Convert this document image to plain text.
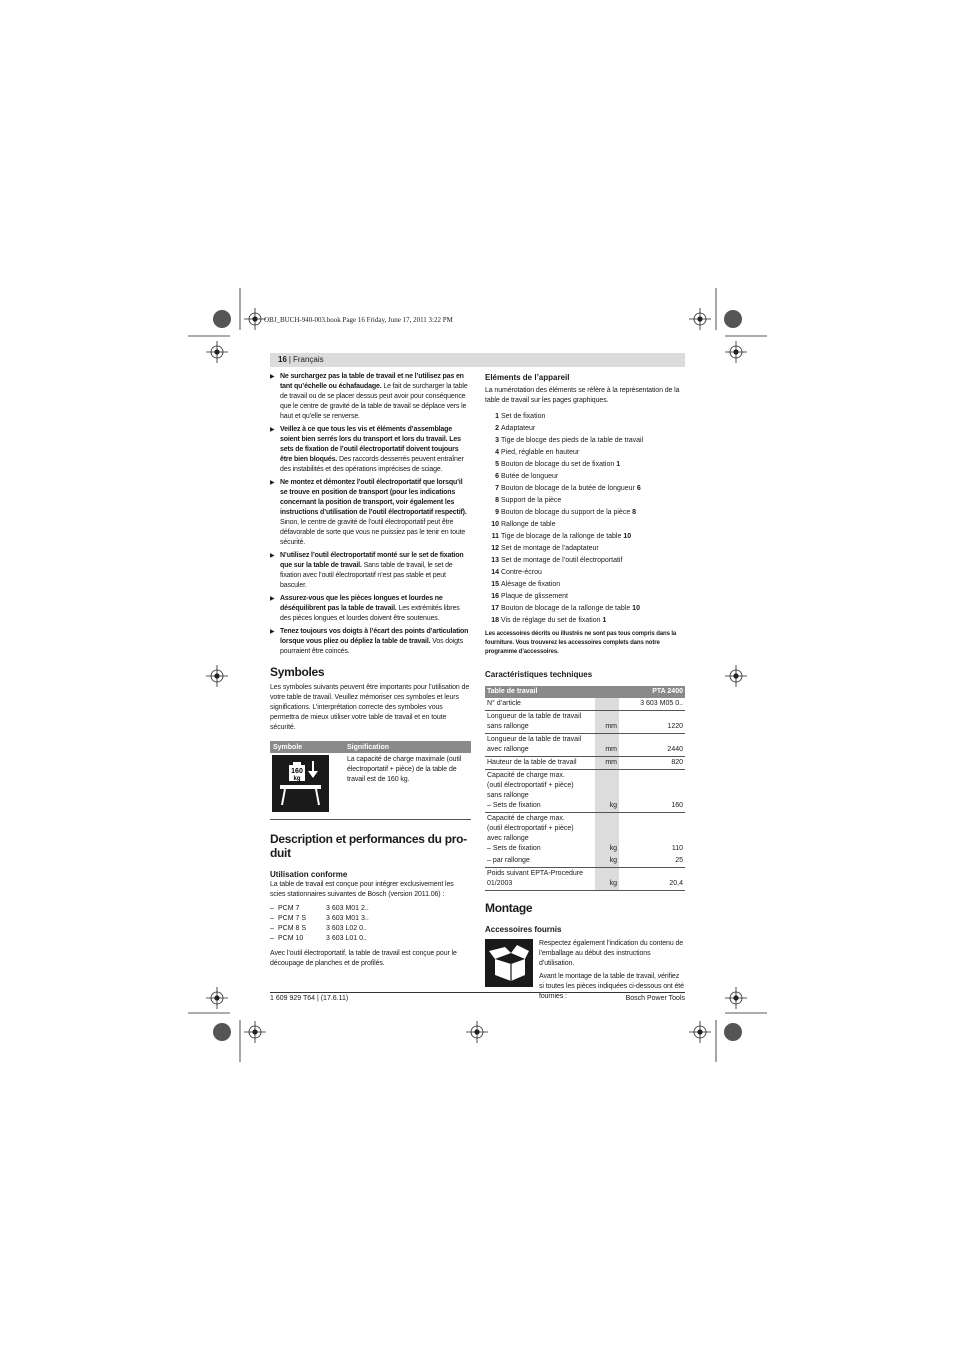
OBJ_BUCH-940-003.book Page 16 Friday, June 17, 2011 3:22 PM
16 | Français
▶ Ne surchargez pas la table de travail et ne l’utilisez pas en tant qu’échelle ou échafaudage. Le fait de surcharger la table de travail ou de se placer dessus peut avoir pour conséquence que le centre de gravité de la table de travail se déplace vers le haut et qu’elle se renverse.
▶ Veillez à ce que tous les vis et éléments d’assemblage soient bien serrés lors du transport et lors du travail. Les sets de fixation de l’outil électroportatif doivent toujours être bien bloqués. Des raccords desserrés peuvent entraîner des instabilités et des opérations imprécises de sciage.
▶ Ne montez et démontez l’outil électroportatif que lorsqu’il se trouve en position de transport (pour les indications concernant la position de transport, voir également les instructions d’utilisation de l’outil électroportatif respectif). Sinon, le centre de gravité de l’outil électroportatif peut être défavorable de sorte que vous ne puissiez pas le tenir en toute sécurité.
▶ N’utilisez l’outil électroportatif monté sur le set de fixation que sur la table de travail. Sans table de travail, le set de fixation avec l’outil électroportatif n’est pas stable et peut basculer.
▶ Assurez-vous que les pièces longues et lourdes ne déséquilibrent pas la table de travail. Les extrémités libres des pièces longues et lourdes doivent être soutenues.
▶ Tenez toujours vos doigts à l’écart des points d’articulation lorsque vous pliez ou dépliez la table de travail. Vos doigts pourraient être coincés.
Symboles
Les symboles suivants peuvent être importants pour l’utilisation de votre table de travail. Veuillez mémoriser ces symboles et leurs significations. L’interprétation correcte des symboles vous permettra de mieux utiliser votre table de travail et en toute sécurité.
Symbole	Signification

160
kg	La capacité de charge maximale (outil électroportatif + pièce) de la table de travail est de 160 kg.
Description et performances du pro-
duit
Utilisation conforme
La table de travail est conçue pour intégrer exclusivement les scies stationnaires suivantes de Bosch (version 2011.06) :
– PCM 7	3 603 M01 2..
– PCM 7 S	3 603 M01 3..
– PCM 8 S	3 603 L02 0..
– PCM 10	3 603 L01 0..
Avec l’outil électroportatif, la table de travail est conçue pour le découpage de planches et de profilés.
Eléments de l’appareil
La numérotation des éléments se réfère à la représentation de la table de travail sur les pages graphiques.
1 Set de fixation
2 Adaptateur
3 Tige de blocge des pieds de la table de travail
4 Pied, réglable en hauteur
5 Bouton de blocage du set de fixation 1
6 Butée de longueur
7 Bouton de blocage de la butée de longueur 6
8 Support de la pièce
9 Bouton de blocage du support de la pièce 8
10 Rallonge de table
11 Tige de blocage de la rallonge de table 10
12 Set de montage de l’adaptateur
13 Set de montage de l’outil électroportatif
14 Contre-écrou
15 Alésage de fixation
16 Plaque de glissement
17 Bouton de blocage de la rallonge de table 10
18 Vis de réglage du set de fixation 1
Les accessoires décrits ou illustrés ne sont pas tous compris dans la fourniture. Vous trouverez les accessoires complets dans notre programme d’accessoires.
Caractéristiques techniques
Table de travail		PTA 2400
N° d’article		3 603 M05 0..
Longueur de la table de travail
sans rallonge	mm	1220
Longueur de la table de travail
avec rallonge	mm	2440
Hauteur de la table de travail	mm	820
Capacité de charge max.
(outil électroportatif + pièce)
sans rallonge
– Sets de fixation	kg	160
Capacité de charge max.
(outil électroportatif + pièce)
avec rallonge
– Sets de fixation	kg	110
– par rallonge	kg	25
Poids suivant EPTA-Procedure
01/2003	kg	20,4
Montage
Accessoires fournis
Respectez également l’indication du contenu de l’emballage au début des instructions d’utilisation.
Avant le montage de la table de travail, vérifiez si toutes les pièces indiquées ci-dessous ont été fournies :
1 609 929 T64 | (17.6.11)	Bosch Power Tools
